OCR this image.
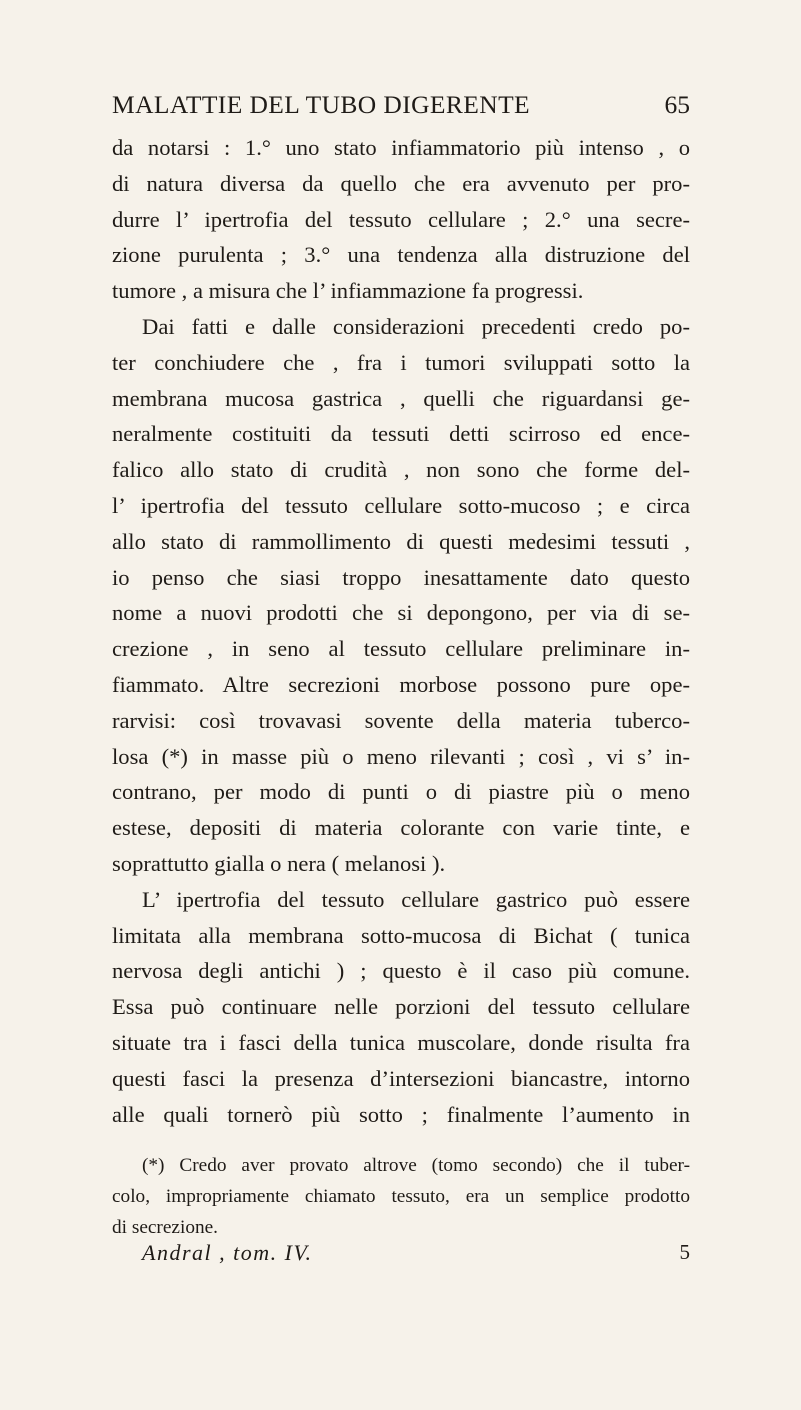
MALATTIE DEL TUBO DIGERENTE	65
da notarsi : 1.° uno stato infiammatorio più intenso , o
di natura diversa da quello che era avvenuto per pro-
durre l’ ipertrofia del tessuto cellulare ; 2.° una secre-
zione purulenta ; 3.° una tendenza alla distruzione del
tumore , a misura che l’ infiammazione fa progressi.
Dai fatti e dalle considerazioni precedenti credo po-
ter conchiudere che , fra i tumori sviluppati sotto la
membrana mucosa gastrica , quelli che riguardansi ge-
neralmente costituiti da tessuti detti scirroso ed ence-
falico allo stato di crudità , non sono che forme del-
l’ ipertrofia del tessuto cellulare sotto-mucoso ; e circa
allo stato di rammollimento di questi medesimi tessuti ,
io penso che siasi troppo inesattamente dato questo
nome a nuovi prodotti che si depongono, per via di se-
crezione , in seno al tessuto cellulare preliminare in-
fiammato. Altre secrezioni morbose possono pure ope-
rarvisi: così trovavasi sovente della materia tuberco-
losa (*) in masse più o meno rilevanti ; così , vi s’ in-
contrano, per modo di punti o di piastre più o meno
estese, depositi di materia colorante con varie tinte, e
soprattutto gialla o nera ( melanosi ).
L’ ipertrofia del tessuto cellulare gastrico può essere
limitata alla membrana sotto-mucosa di Bichat ( tunica
nervosa degli antichi ) ; questo è il caso più comune.
Essa può continuare nelle porzioni del tessuto cellulare
situate tra i fasci della tunica muscolare, donde risulta fra
questi fasci la presenza d’intersezioni biancastre, intorno
alle quali tornerò più sotto ; finalmente l’aumento in
(*) Credo aver provato altrove (tomo secondo) che il tuber-
colo, impropriamente chiamato tessuto, era un semplice prodotto
di secrezione.
Andral , tom. IV.	5
